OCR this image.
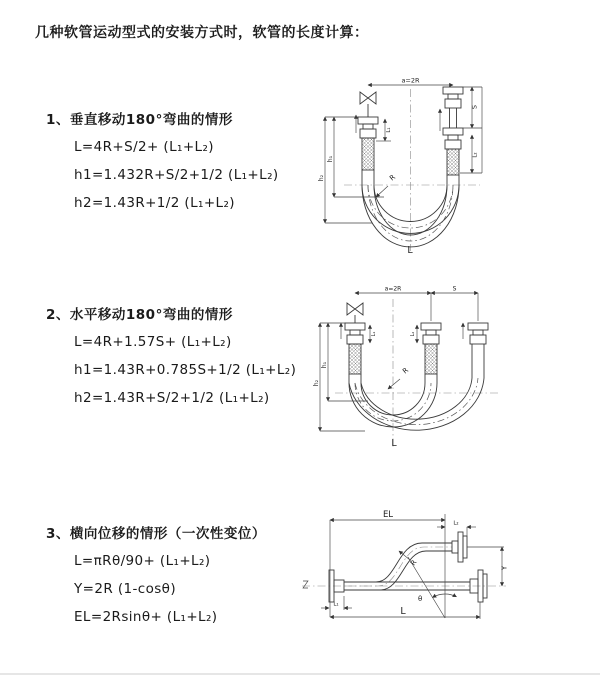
几种软管运动型式的安装方式时，软管的长度计算：
1、垂直移动180°弯曲的情形
L=4R+S/2+ (L₁+L₂)
h1=1.432R+S/2+1/2 (L₁+L₂)
h2=1.43R+1/2 (L₁+L₂)
2、水平移动180°弯曲的情形
L=4R+1.57S+ (L₁+L₂)
h1=1.43R+0.785S+1/2 (L₁+L₂)
h2=1.43R+S/2+1/2 (L₁+L₂)
3、横向位移的情形（一次性变位）
L=πRθ/90+ (L₁+L₂)
Y=2R (1-cosθ)
EL=2Rsinθ+ (L₁+L₂)
a=2R
h₁
h₂
L₁
S
L₂
R
L
a=2R	S
h₂
h₁
L₁	L₂
R
L
θ
EL
L₂
R
Y
L
L₁
